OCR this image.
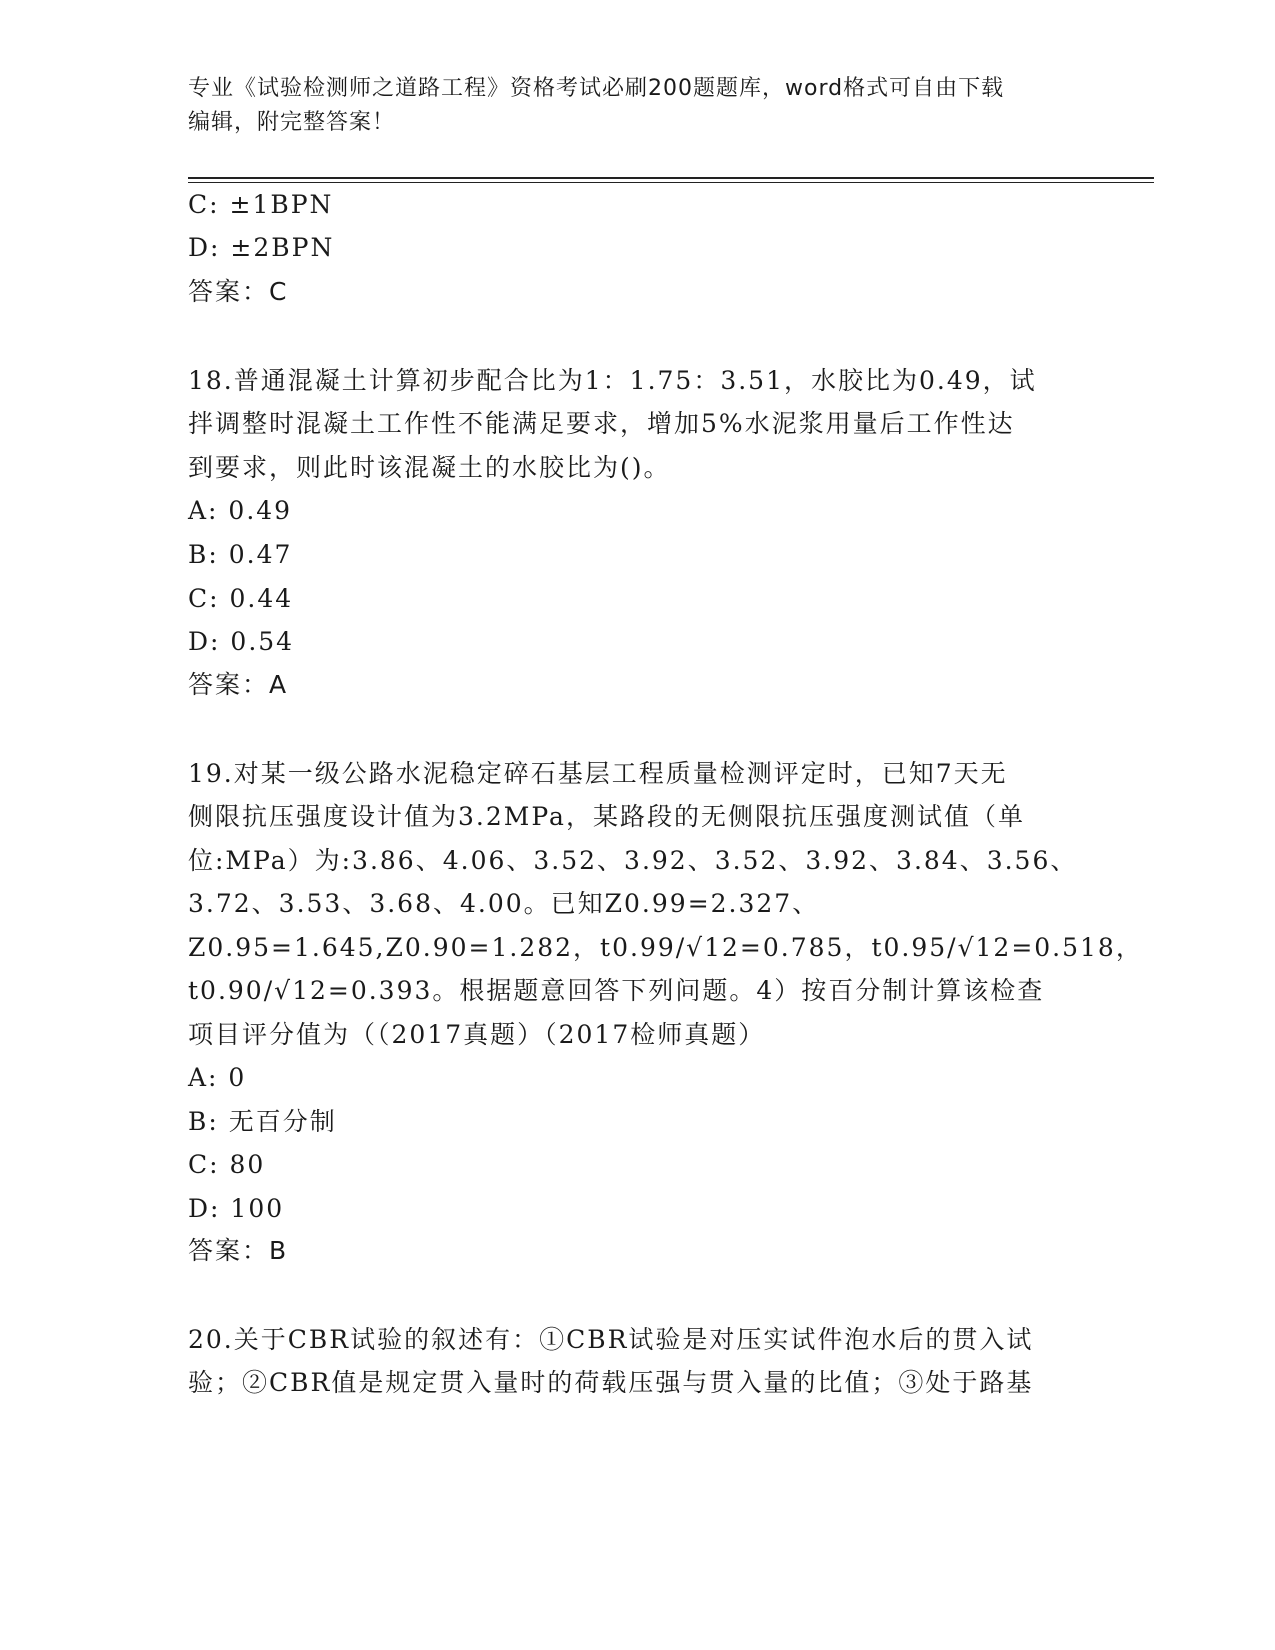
专业《试验检测师之道路工程》资格考试必刷200题题库，word格式可自由下载
编辑，附完整答案！
C: ±1BPN
D: ±2BPN
答案：C
18.普通混凝土计算初步配合比为1：1.75：3.51，水胶比为0.49，试
拌调整时混凝土工作性不能满足要求，增加5%水泥浆用量后工作性达
到要求，则此时该混凝土的水胶比为()。
A: 0.49
B: 0.47
C: 0.44
D: 0.54
答案：A
19.对某一级公路水泥稳定碎石基层工程质量检测评定时，已知7天无
侧限抗压强度设计值为3.2MPa，某路段的无侧限抗压强度测试值（单
位:MPa）为:3.86、4.06、3.52、3.92、3.52、3.92、3.84、3.56、
3.72、3.53、3.68、4.00。已知Z0.99=2.327、
Z0.95=1.645,Z0.90=1.282，t0.99/√12=0.785，t0.95/√12=0.518，
t0.90/√12=0.393。根据题意回答下列问题。4）按百分制计算该检查
项目评分值为（（2017真题）（2017检师真题）
A: 0
B: 无百分制
C: 80
D: 100
答案：B
20.关于CBR试验的叙述有：①CBR试验是对压实试件泡水后的贯入试
验；②CBR值是规定贯入量时的荷载压强与贯入量的比值；③处于路基
